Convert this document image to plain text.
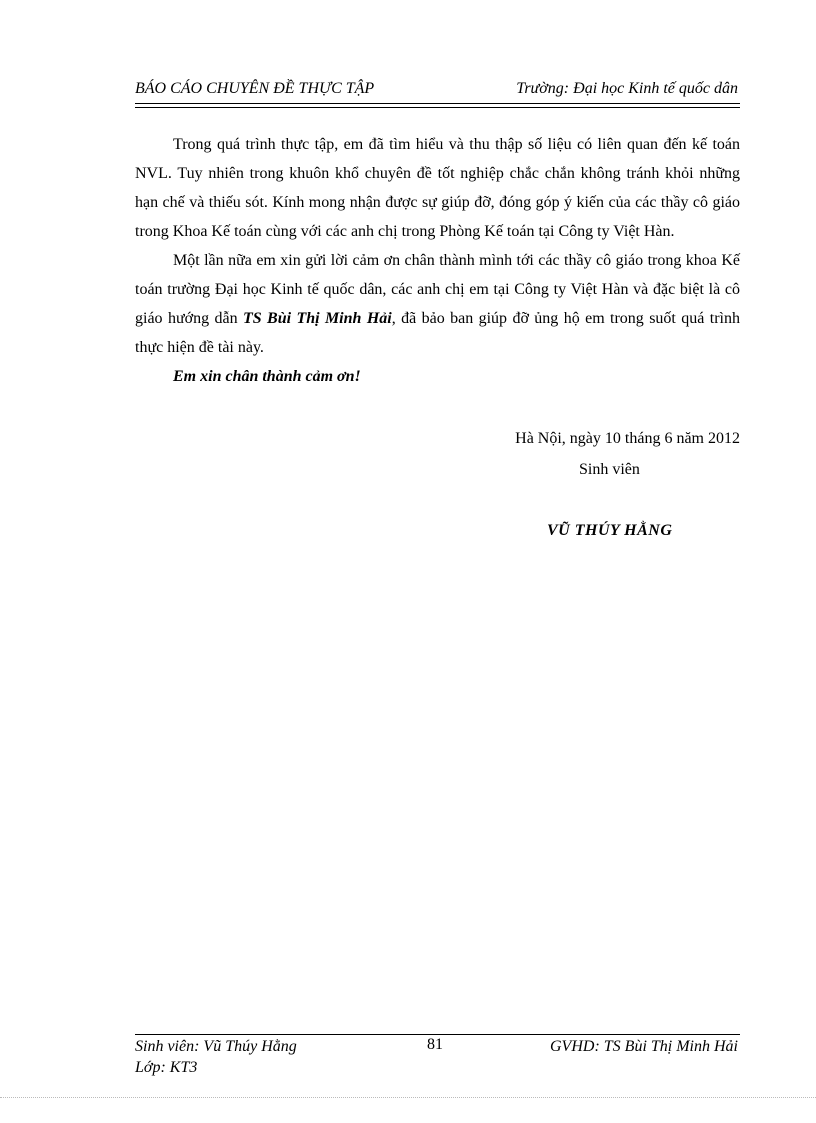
BÁO CÁO CHUYÊN ĐỀ THỰC TẬP	Trường: Đại học Kinh tế quốc dân

Trong quá trình thực tập, em đã tìm hiểu và thu thập số liệu có liên quan đến kế toán NVL. Tuy nhiên trong khuôn khổ chuyên đề tốt nghiệp chắc chắn không tránh khỏi những hạn chế và thiếu sót. Kính mong nhận được sự giúp đỡ, đóng góp ý kiến của các thầy cô giáo trong Khoa Kế toán cùng với các anh chị trong Phòng Kế toán tại Công ty Việt Hàn.

Một lần nữa em xin gửi lời cảm ơn chân thành mình tới các thầy cô giáo trong khoa Kế toán trường Đại học Kinh tế quốc dân, các anh chị em tại Công ty Việt Hàn và đặc biệt là cô giáo hướng dẫn TS Bùi Thị Minh Hải, đã bảo ban giúp đỡ ủng hộ em trong suốt quá trình thực hiện đề tài này.

Em xin chân thành cảm ơn!

Hà Nội, ngày 10 tháng 6 năm 2012
Sinh viên
VŨ THÚY HẰNG
Sinh viên: Vũ Thúy Hằng
Lớp: KT3
81	GVHD: TS Bùi Thị Minh Hải
